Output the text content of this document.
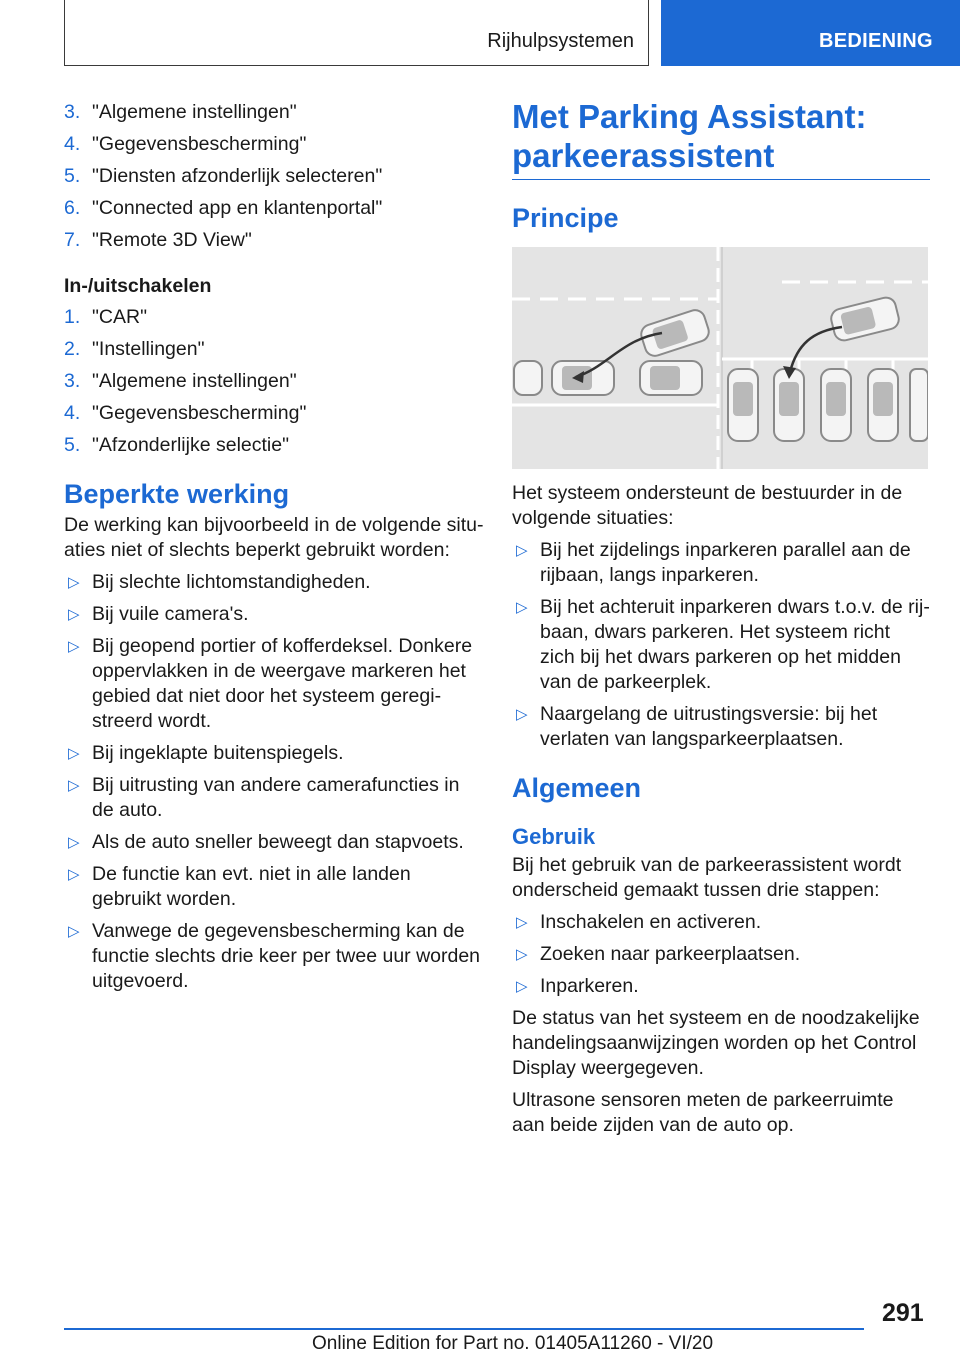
Rijhulpsystemen	BEDIENING
3. "Algemene instellingen"
4. "Gegevensbescherming"
5. "Diensten afzonderlijk selecteren"
6. "Connected app en klantenportal"
7. "Remote 3D View"
In-/uitschakelen
1. "CAR"
2. "Instellingen"
3. "Algemene instellingen"
4. "Gegevensbescherming"
5. "Afzonderlijke selectie"
Beperkte werking

De werking kan bijvoorbeeld in de volgende situaties niet of slechts beperkt gebruikt worden:

▷ Bij slechte lichtomstandigheden.
▷ Bij vuile camera's.
▷ Bij geopend portier of kofferdeksel. Donkere oppervlakken in de weergave markeren het gebied dat niet door het systeem geregistreerd wordt.
▷ Bij ingeklapte buitenspiegels.
▷ Bij uitrusting van andere camerafuncties in de auto.
▷ Als de auto sneller beweegt dan stapvoets.
▷ De functie kan evt. niet in alle landen gebruikt worden.
▷ Vanwege de gegevensbescherming kan de functie slechts drie keer per twee uur worden uitgevoerd.
Met Parking Assistant:
parkeerassistent
Principe

Het systeem ondersteunt de bestuurder in de volgende situaties:

▷ Bij het zijdelings inparkeren parallel aan de rijbaan, langs inparkeren.
▷ Bij het achteruit inparkeren dwars t.o.v. de rijbaan, dwars parkeren. Het systeem richt zich bij het dwars parkeren op het midden van de parkeerplek.
▷ Naargelang de uitrustingsversie: bij het verlaten van langsparkeerplaatsen.
Algemeen
Gebruik

Bij het gebruik van de parkeerassistent wordt onderscheid gemaakt tussen drie stappen:

▷ Inschakelen en activeren.
▷ Zoeken naar parkeerplaatsen.
▷ Inparkeren.

De status van het systeem en de noodzakelijke handelingsaanwijzingen worden op het Control Display weergegeven.

Ultrasone sensoren meten de parkeerruimte aan beide zijden van de auto op.

291
Online Edition for Part no. 01405A11260 - VI/20
